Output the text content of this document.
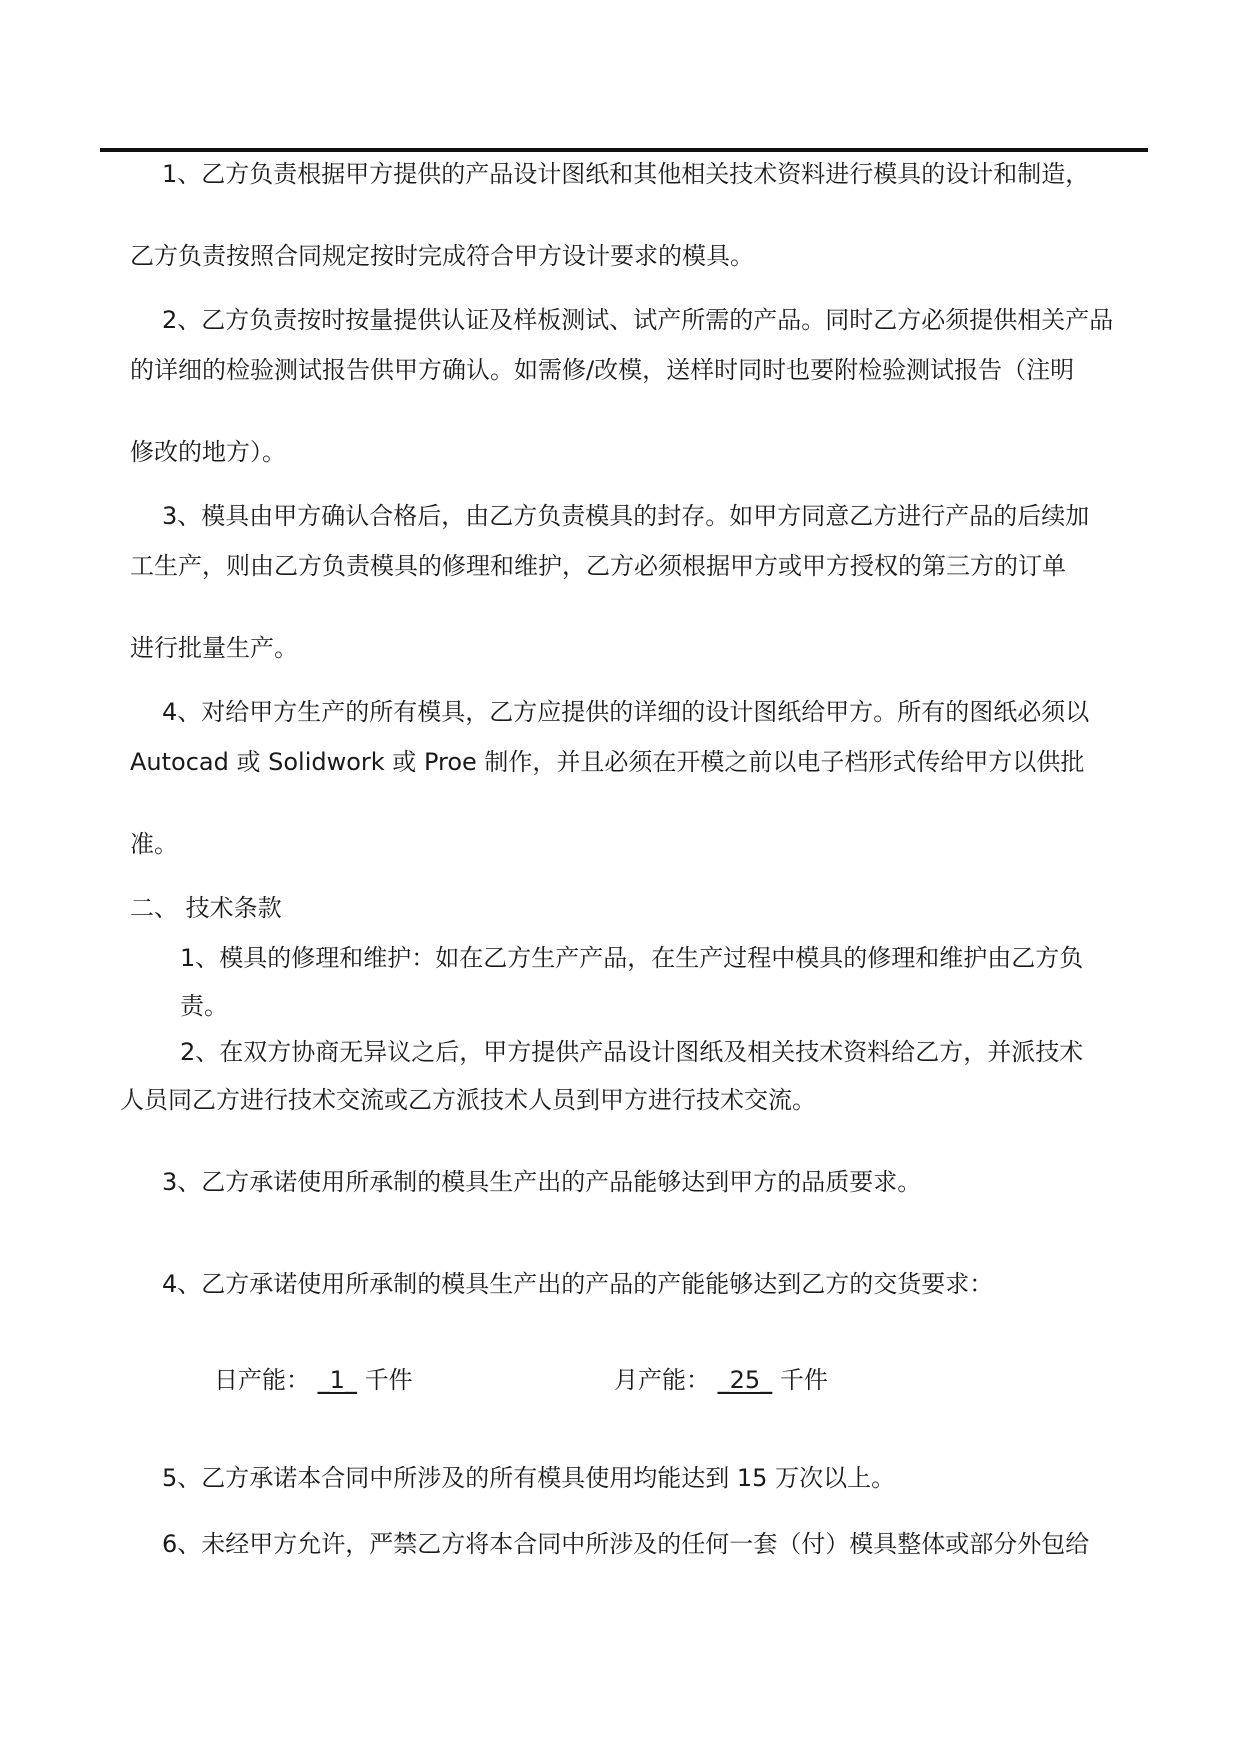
1、乙方负责根据甲方提供的产品设计图纸和其他相关技术资料进行模具的设计和制造，
乙方负责按照合同规定按时完成符合甲方设计要求的模具。
2、乙方负责按时按量提供认证及样板测试、试产所需的产品。同时乙方必须提供相关产品
的详细的检验测试报告供甲方确认。如需修/改模，送样时同时也要附检验测试报告（注明
修改的地方）。
3、模具由甲方确认合格后，由乙方负责模具的封存。如甲方同意乙方进行产品的后续加
工生产，则由乙方负责模具的修理和维护，乙方必须根据甲方或甲方授权的第三方的订单
进行批量生产。
4、对给甲方生产的所有模具，乙方应提供的详细的设计图纸给甲方。所有的图纸必须以
Autocad 或 Solidwork 或 Proe 制作，并且必须在开模之前以电子档形式传给甲方以供批
准。
二、 技术条款
1、模具的修理和维护：如在乙方生产产品，在生产过程中模具的修理和维护由乙方负
责。
2、在双方协商无异议之后，甲方提供产品设计图纸及相关技术资料给乙方，并派技术
人员同乙方进行技术交流或乙方派技术人员到甲方进行技术交流。
3、乙方承诺使用所承制的模具生产出的产品能够达到甲方的品质要求。
4、乙方承诺使用所承制的模具生产出的产品的产能能够达到乙方的交货要求：
日产能： _1_ 千件	月产能： _25_ 千件
5、乙方承诺本合同中所涉及的所有模具使用均能达到 15 万次以上。
6、未经甲方允许，严禁乙方将本合同中所涉及的任何一套（付）模具整体或部分外包给
